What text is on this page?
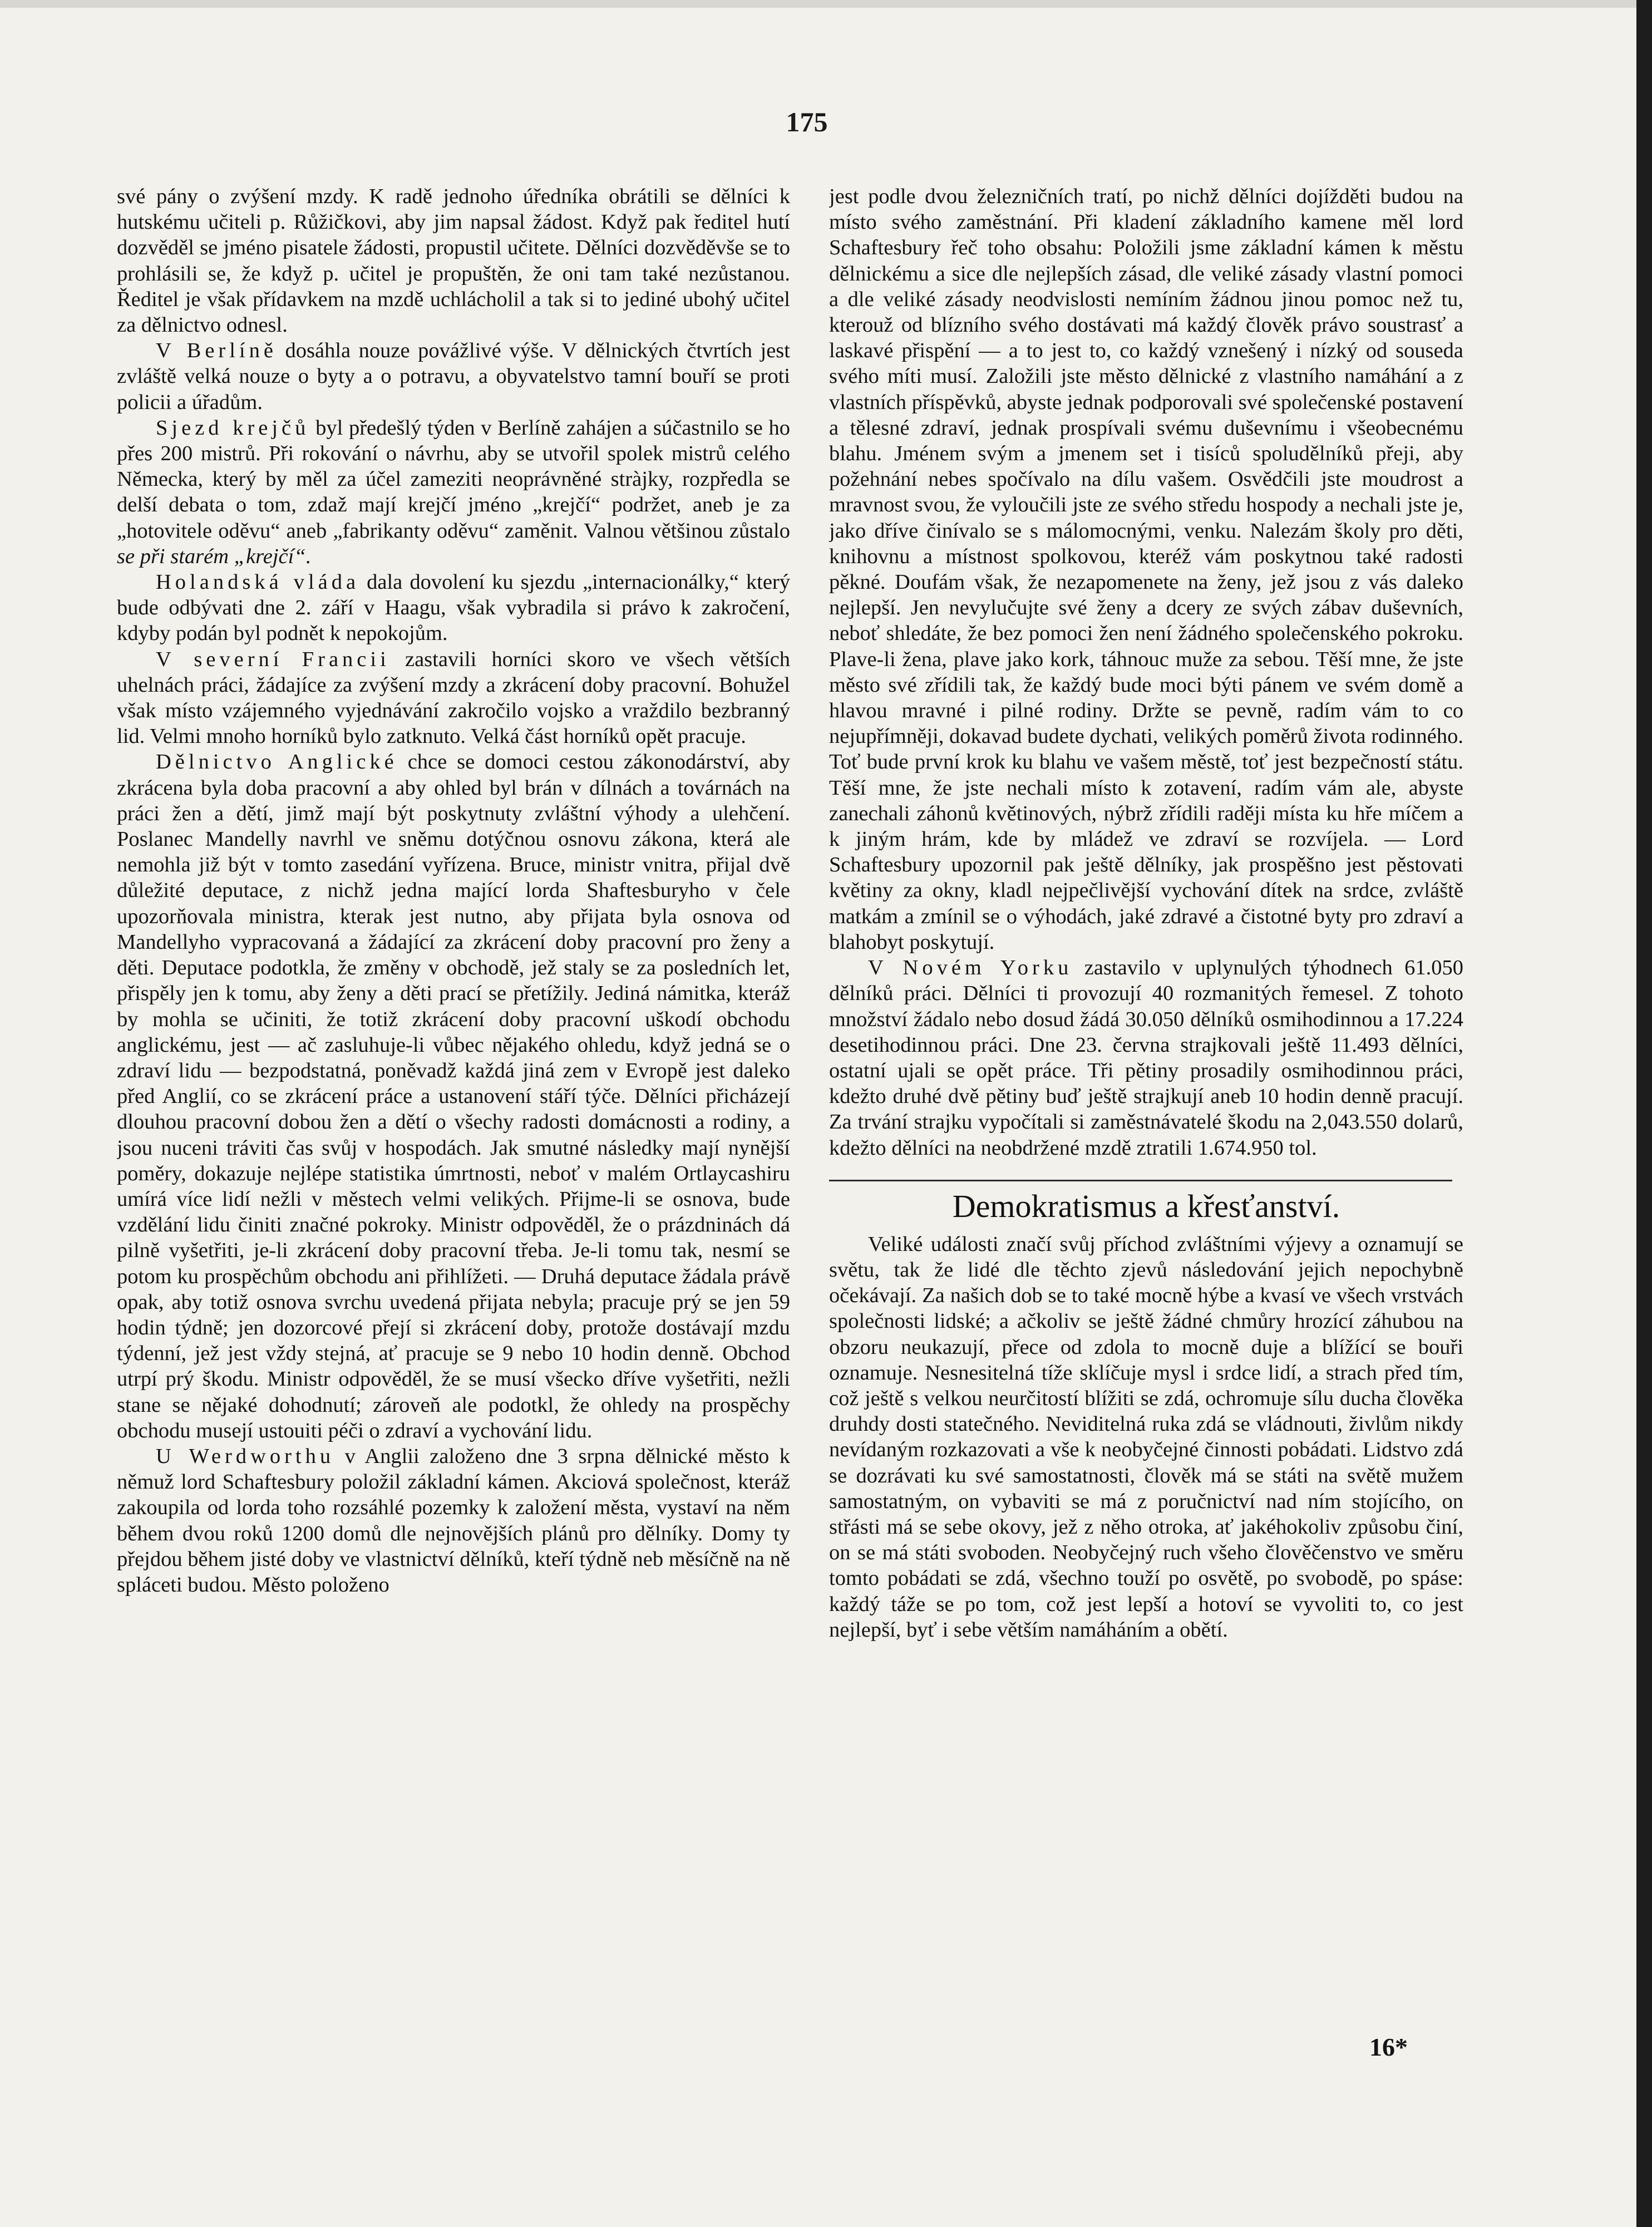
175

své pány o zvýšení mzdy. K radě jednoho úředníka obrátili se dělníci k hutskému učiteli p. Růžičkovi, aby jim napsal žádost. Když pak ředitel hutí dozvěděl se jméno pisatele žádosti, propustil učitete. Dělníci dozvěděvše se to prohlásili se, že když p. učitel je propuštěn, že oni tam také nezůstanou. Ředitel je však přídavkem na mzdě uchlácholil a tak si to jediné ubohý učitel za dělnictvo odnesl.

V Berlíně dosáhla nouze povážlivé výše. V dělnických čtvrtích jest zvláště velká nouze o byty a o potravu, a obyvatelstvo tamní bouří se proti policii a úřadům.

Sjezd krejčů byl předešlý týden v Berlíně zahájen a súčastnilo se ho přes 200 mistrů. Při rokování o návrhu, aby se utvořil spolek mistrů celého Německa, který by měl za účel zameziti neoprávněné stràjky, rozpředla se delší debata o tom, zdaž mají krejčí jméno „krejčí“ podržet, aneb je za „hotovitele oděvu“ aneb „fabrikanty oděvu“ zaměnit. Valnou většinou zůstalo se při starém „krejčí“.

Holandská vláda dala dovolení ku sjezdu „internacionálky,“ který bude odbývati dne 2. září v Haagu, však vybradila si právo k zakročení, kdyby podán byl podnět k nepokojům.

V severní Francii zastavili horníci skoro ve všech větších uhelnách práci, žádajíce za zvýšení mzdy a zkrácení doby pracovní. Bohužel však místo vzájemného vyjednávání zakročilo vojsko a vraždilo bezbranný lid. Velmi mnoho horníků bylo zatknuto. Velká část horníků opět pracuje.

Dělnictvo Anglické chce se domoci cestou zákonodárství, aby zkrácena byla doba pracovní a aby ohled byl brán v dílnách a továrnách na práci žen a dětí, jimž mají být poskytnuty zvláštní výhody a ulehčení. Poslanec Mandelly navrhl ve sněmu dotýčnou osnovu zákona, která ale nemohla již být v tomto zasedání vyřízena. Bruce, ministr vnitra, přijal dvě důležité deputace, z nichž jedna mající lorda Shaftesburyho v čele upozorňovala ministra, kterak jest nutno, aby přijata byla osnova od Mandellyho vypracovaná a žádající za zkrácení doby pracovní pro ženy a děti. Deputace podotkla, že změny v obchodě, jež staly se za posledních let, přispěly jen k tomu, aby ženy a děti prací se přetížily. Jediná námitka, kteráž by mohla se učiniti, že totiž zkrácení doby pracovní uškodí obchodu anglickému, jest — ač zasluhuje-li vůbec nějakého ohledu, když jedná se o zdraví lidu — bezpodstatná, poněvadž každá jiná zem v Evropě jest daleko před Anglií, co se zkrácení práce a ustanovení stáří týče. Dělníci přicházejí dlouhou pracovní dobou žen a dětí o všechy radosti domácnosti a rodiny, a jsou nuceni tráviti čas svůj v hospodách. Jak smutné následky mají nynější poměry, dokazuje nejlépe statistika úmrtnosti, neboť v malém Ortlaycashiru umírá více lidí nežli v městech velmi velikých. Přijme-li se osnova, bude vzdělání lidu činiti značné pokroky. Ministr odpověděl, že o prázdninách dá pilně vyšetřiti, je-li zkrácení doby pracovní třeba. Je-li tomu tak, nesmí se potom ku prospěchům obchodu ani přihlížeti. — Druhá deputace žádala právě opak, aby totiž osnova svrchu uvedená přijata nebyla; pracuje prý se jen 59 hodin týdně; jen dozorcové přejí si zkrácení doby, protože dostávají mzdu týdenní, jež jest vždy stejná, ať pracuje se 9 nebo 10 hodin denně. Obchod utrpí prý škodu. Ministr odpověděl, že se musí všecko dříve vyšetřiti, nežli stane se nějaké dohodnutí; zároveň ale podotkl, že ohledy na prospěchy obchodu musejí ustouiti péči o zdraví a vychování lidu.

U Werdworthu v Anglii založeno dne 3 srpna dělnické město k němuž lord Schaftesbury položil základní kámen. Akciová společnost, kteráž zakoupila od lorda toho rozsáhlé pozemky k založení města, vystaví na něm během dvou roků 1200 domů dle nejnovějších plánů pro dělníky. Domy ty přejdou během jisté doby ve vlastnictví dělníků, kteří týdně neb měsíčně na ně spláceti budou. Město položeno

jest podle dvou železničních tratí, po nichž dělníci dojížděti budou na místo svého zaměstnání. Při kladení základního kamene měl lord Schaftesbury řeč toho obsahu: Položili jsme základní kámen k městu dělnickému a sice dle nejlepších zásad, dle veliké zásady vlastní pomoci a dle veliké zásady neodvislosti nemíním žádnou jinou pomoc než tu, kterouž od blízního svého dostávati má každý člověk právo soustrasť a laskavé přispění — a to jest to, co každý vznešený i nízký od souseda svého míti musí. Založili jste město dělnické z vlastního namáhání a z vlastních příspěvků, abyste jednak podporovali své společenské postavení a tělesné zdraví, jednak prospívali svému duševnímu i všeobecnému blahu. Jménem svým a jmenem set i tisíců spoludělníků přeji, aby požehnání nebes spočívalo na dílu vašem. Osvědčili jste moudrost a mravnost svou, že vyloučili jste ze svého středu hospody a nechali jste je, jako dříve činívalo se s málomocnými, venku. Nalezám školy pro děti, knihovnu a místnost spolkovou, kteréž vám poskytnou také radosti pěkné. Doufám však, že nezapomenete na ženy, jež jsou z vás daleko nejlepší. Jen nevylučujte své ženy a dcery ze svých zábav duševních, neboť shledáte, že bez pomoci žen není žádného společenského pokroku. Plave-li žena, plave jako kork, táhnouc muže za sebou. Těší mne, že jste město své zřídili tak, že každý bude moci býti pánem ve svém domě a hlavou mravné i pilné rodiny. Držte se pevně, radím vám to co nejupřímněji, dokavad budete dychati, velikých poměrů života rodinného. Toť bude první krok ku blahu ve vašem městě, toť jest bezpečností státu. Těší mne, že jste nechali místo k zotavení, radím vám ale, abyste zanechali záhonů květinových, nýbrž zřídili raději místa ku hře míčem a k jiným hrám, kde by mládež ve zdraví se rozvíjela. — Lord Schaftesbury upozornil pak ještě dělníky, jak prospěšno jest pěstovati květiny za okny, kladl nejpečlivější vychování dítek na srdce, zvláště matkám a zmínil se o výhodách, jaké zdravé a čistotné byty pro zdraví a blahobyt poskytují.

V Novém Yorku zastavilo v uplynulých týhodnech 61.050 dělníků práci. Dělníci ti provozují 40 rozmanitých řemesel. Z tohoto množství žádalo nebo dosud žádá 30.050 dělníků osmihodinnou a 17.224 desetihodinnou práci. Dne 23. června strajkovali ještě 11.493 dělníci, ostatní ujali se opět práce. Tři pětiny prosadily osmihodinnou práci, kdežto druhé dvě pětiny buď ještě strajkují aneb 10 hodin denně pracují. Za trvání strajku vypočítali si zaměstnávatelé škodu na 2,043.550 dolarů, kdežto dělníci na neobdržené mzdě ztratili 1.674.950 tol.

Demokratismus a křesťanství.

Veliké události značí svůj příchod zvláštními výjevy a oznamují se světu, tak že lidé dle těchto zjevů následování jejich nepochybně očekávají. Za našich dob se to také mocně hýbe a kvasí ve všech vrstvách společnosti lidské; a ačkoliv se ještě žádné chmůry hrozící záhubou na obzoru neukazují, přece od zdola to mocně duje a blížící se bouři oznamuje. Nesnesitelná tíže sklíčuje mysl i srdce lidí, a strach před tím, což ještě s velkou neurčitostí blížiti se zdá, ochromuje sílu ducha člověka druhdy dosti statečného. Neviditelná ruka zdá se vládnouti, živlům nikdy nevídaným rozkazovati a vše k neobyčejné činnosti pobádati. Lidstvo zdá se dozrávati ku své samostatnosti, člověk má se státi na světě mužem samostatným, on vybaviti se má z poručnictví nad ním stojícího, on střásti má se sebe okovy, jež z něho otroka, ať jakéhokoliv způsobu činí, on se má státi svoboden. Neobyčejný ruch všeho člověčenstvo ve směru tomto pobádati se zdá, všechno touží po osvětě, po svobodě, po spáse: každý táže se po tom, což jest lepší a hotoví se vyvoliti to, co jest nejlepší, byť i sebe větším namáháním a obětí.

16*
